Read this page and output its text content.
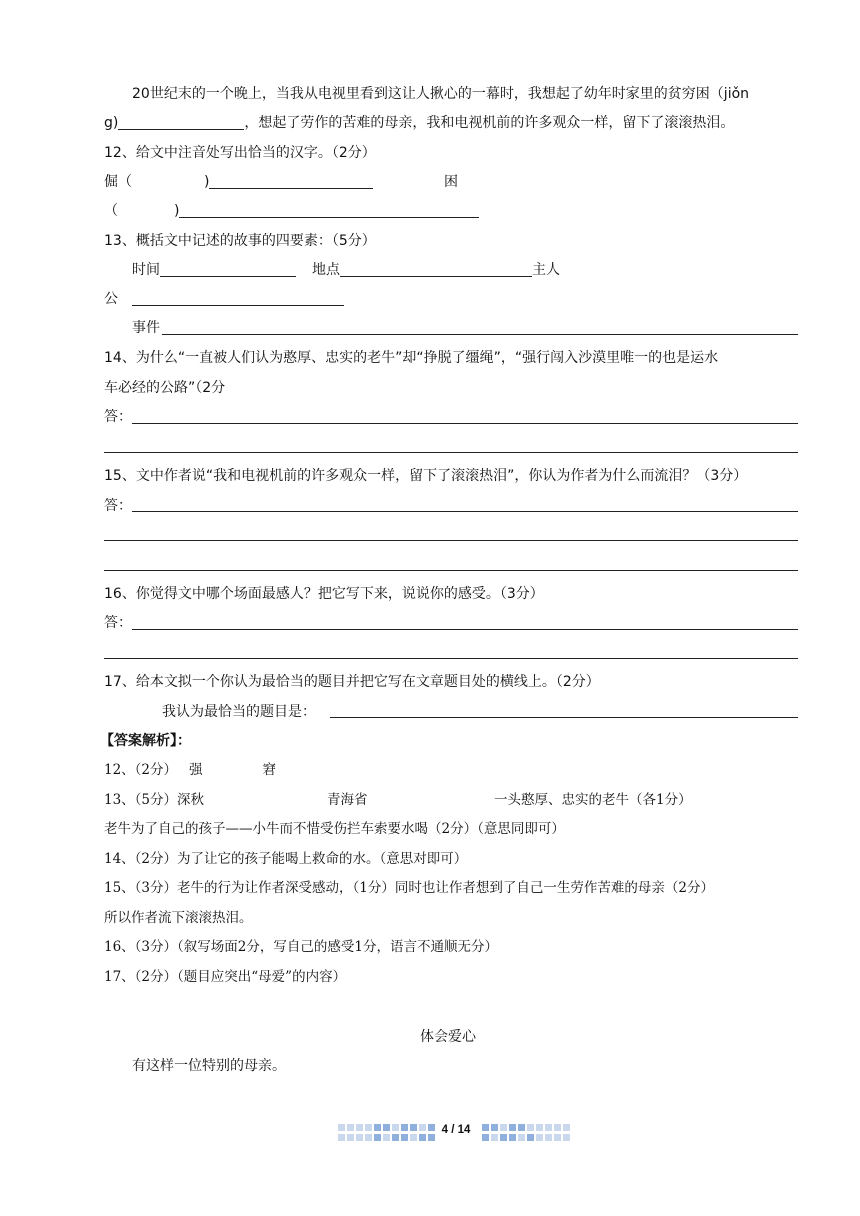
20世纪末的一个晚上，当我从电视里看到这让人揪心的一幕时，我想起了幼年时家里的贫穷困（jiǒn
g)	，想起了劳作的苦难的母亲，我和电视机前的许多观众一样，留下了滚滚热泪。
12、给文中注音处写出恰当的汉字。（2分）
倔（	)	困
（	)
13、概括文中记述的故事的四要素：（5分）
时间	地点	主人
公
事件
14、为什么“一直被人们认为憨厚、忠实的老牛”却“挣脱了缰绳”，“强行闯入沙漠里唯一的也是运水
车必经的公路”（2分
答：
15、文中作者说“我和电视机前的许多观众一样，留下了滚滚热泪”，你认为作者为什么而流泪？（3分）
答：
16、你觉得文中哪个场面最感人？把它写下来，说说你的感受。（3分）
答：
17、给本文拟一个你认为最恰当的题目并把它写在文章题目处的横线上。（2分）
我认为最恰当的题目是：
【答案解析】：
12、（2分） 强	窘
13、（5分）深秋	青海省	一头憨厚、忠实的老牛（各1分）
老牛为了自己的孩子——小牛而不惜受伤拦车索要水喝（2分）（意思同即可）
14、（2分）为了让它的孩子能喝上救命的水。（意思对即可）
15、（3分）老牛的行为让作者深受感动，（1分）同时也让作者想到了自己一生劳作苦难的母亲（2分）
所以作者流下滚滚热泪。
16、（3分）（叙写场面2分，写自己的感受1分，语言不通顺无分）
17、（2分）（题目应突出“母爱”的内容）
体会爱心
有这样一位特别的母亲。
4 / 14
